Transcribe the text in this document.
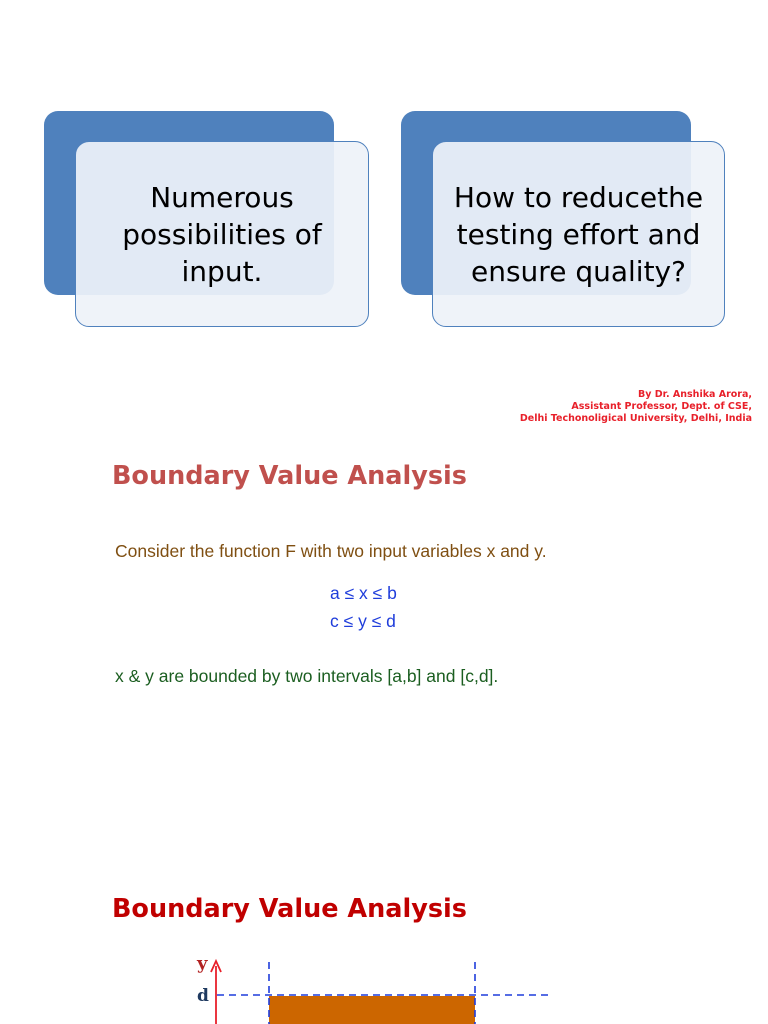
Numerous
possibilities of
input.
How to reducethe
testing effort and
ensure quality?
By Dr. Anshika Arora,
Assistant Professor, Dept. of CSE,
Delhi Techonoligical University, Delhi, India
Boundary Value Analysis

Consider the function F with two input variables x and y.

a ≤ x ≤ b

c ≤ y ≤ d

x & y are bounded by two intervals [a,b] and [c,d].

Boundary Value Analysis
y
d
